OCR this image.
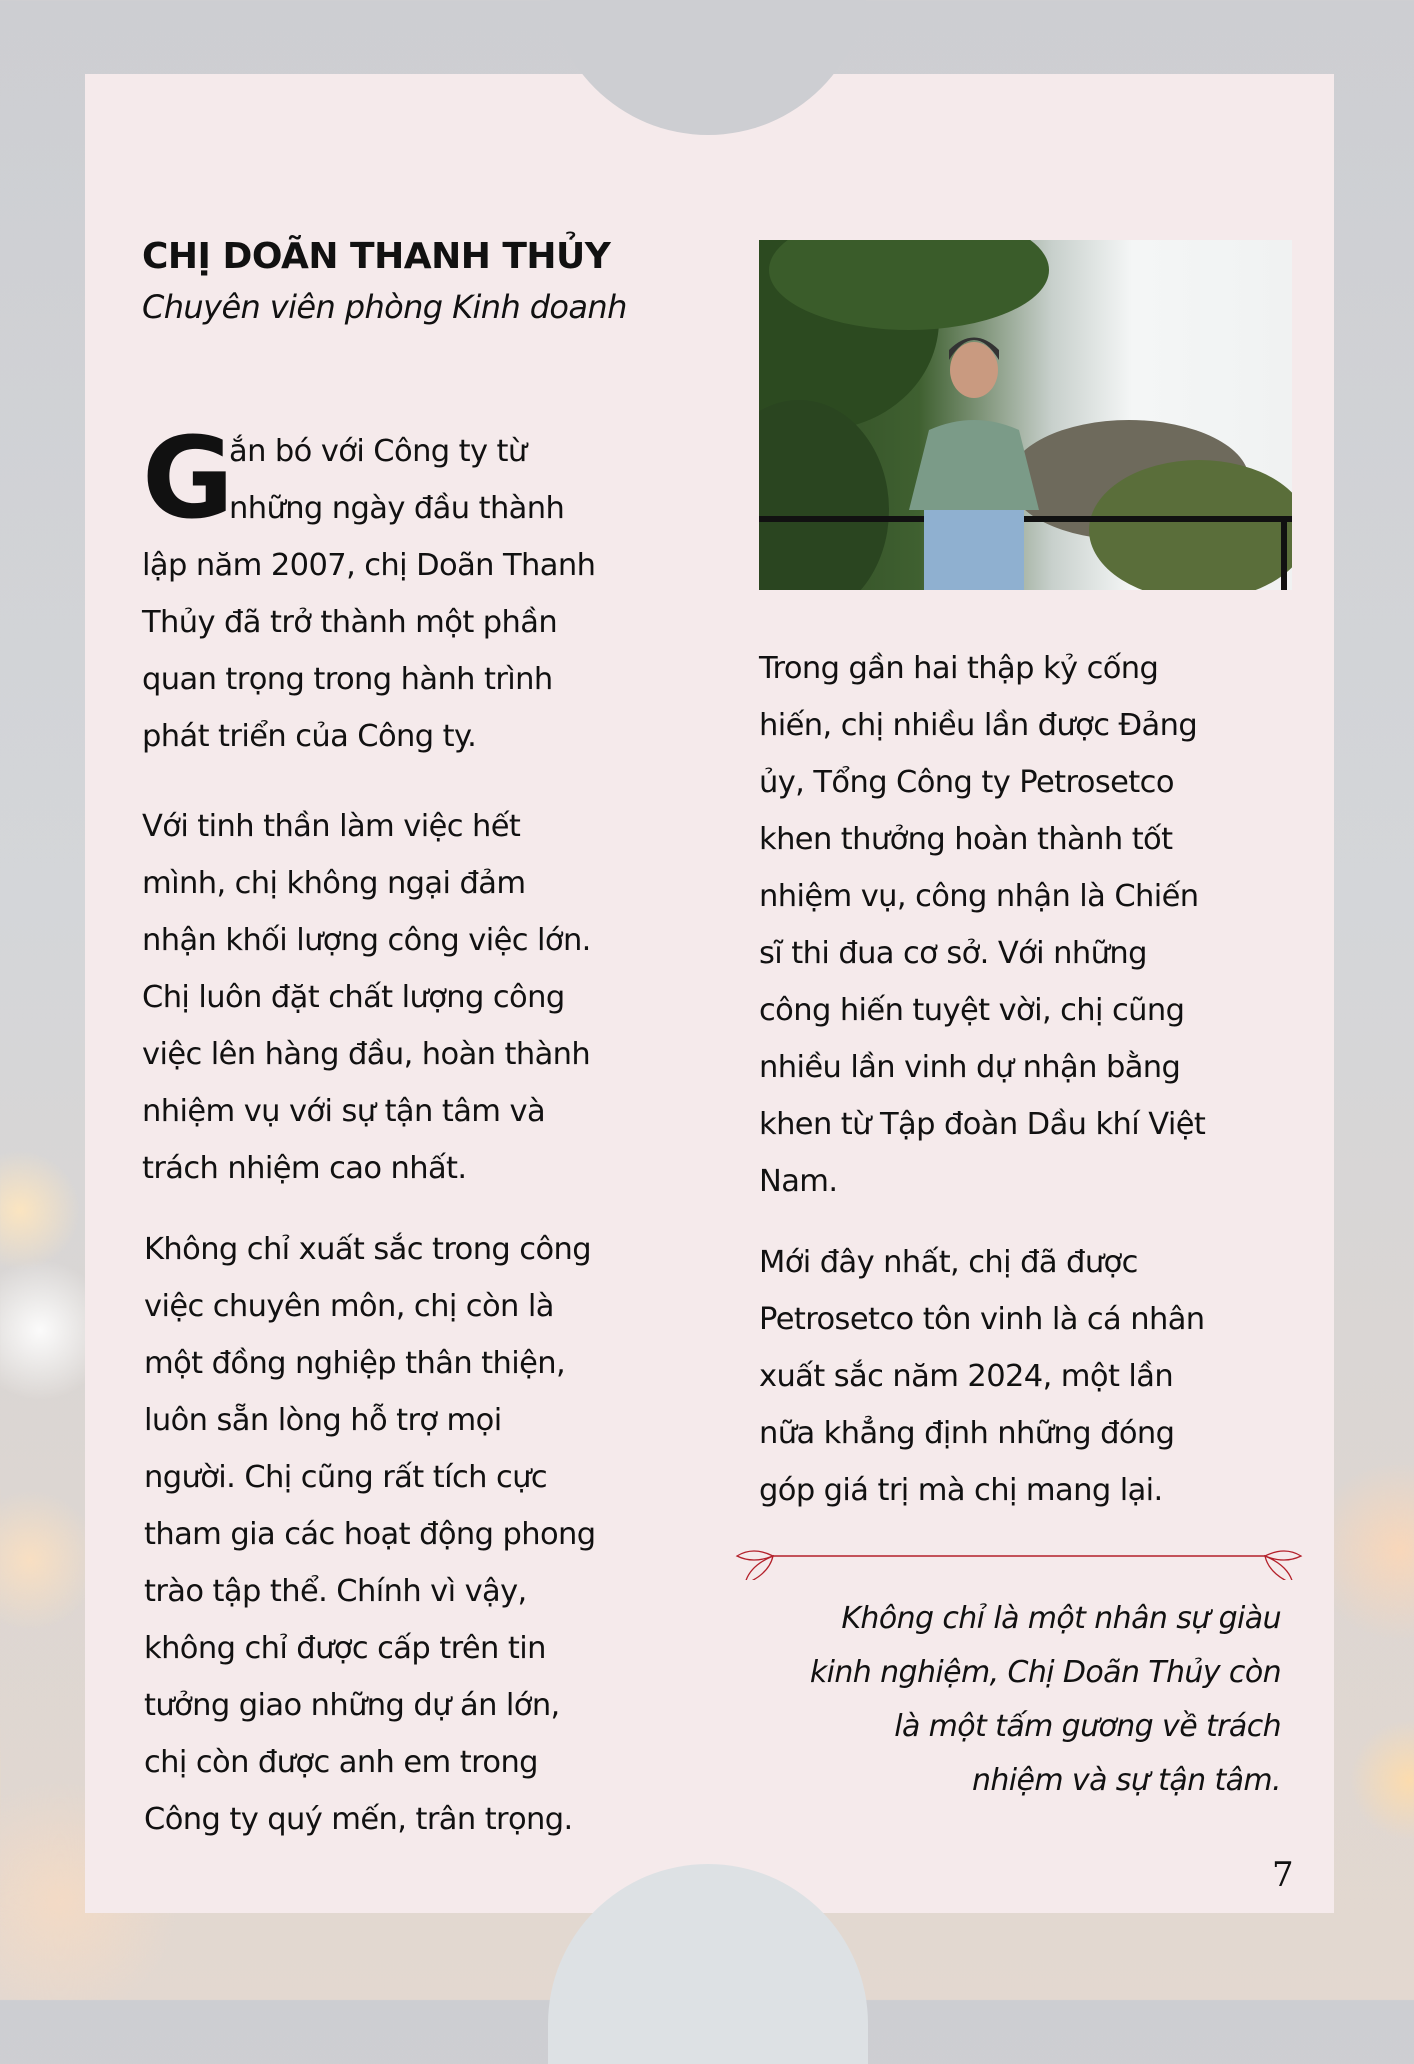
CHỊ DOÃN THANH THỦY
Chuyên viên phòng Kinh doanh
G
ắn bó với Công ty từ
những ngày đầu thành
lập năm 2007, chị Doãn Thanh
Thủy đã trở thành một phần
quan trọng trong hành trình
phát triển của Công ty.
Với tinh thần làm việc hết
mình, chị không ngại đảm
nhận khối lượng công việc lớn.
Chị luôn đặt chất lượng công
việc lên hàng đầu, hoàn thành
nhiệm vụ với sự tận tâm và
trách nhiệm cao nhất.
Không chỉ xuất sắc trong công
việc chuyên môn, chị còn là
một đồng nghiệp thân thiện,
luôn sẵn lòng hỗ trợ mọi
người. Chị cũng rất tích cực
tham gia các hoạt động phong
trào tập thể. Chính vì vậy,
không chỉ được cấp trên tin
tưởng giao những dự án lớn,
chị còn được anh em trong
Công ty quý mến, trân trọng.
Trong gần hai thập kỷ cống
hiến, chị nhiều lần được Đảng
ủy, Tổng Công ty Petrosetco
khen thưởng hoàn thành tốt
nhiệm vụ, công nhận là Chiến
sĩ thi đua cơ sở. Với những
công hiến tuyệt vời, chị cũng
nhiều lần vinh dự nhận bằng
khen từ Tập đoàn Dầu khí Việt
Nam.
Mới đây nhất, chị đã được
Petrosetco tôn vinh là cá nhân
xuất sắc năm 2024, một lần
nữa khẳng định những đóng
góp giá trị mà chị mang lại.
Không chỉ là một nhân sự giàu
kinh nghiệm, Chị Doãn Thủy còn
là một tấm gương về trách
nhiệm và sự tận tâm.
7
